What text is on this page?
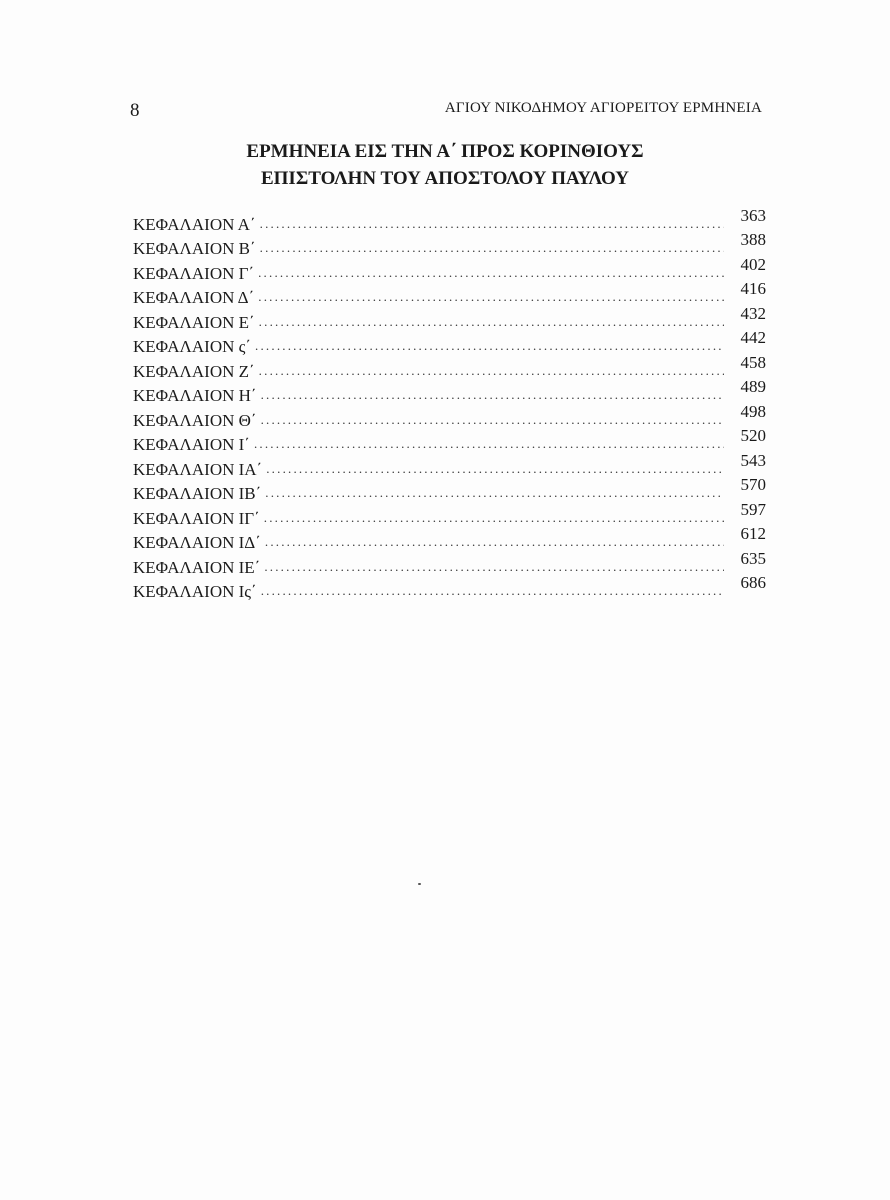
8	ΑΓΙΟΥ ΝΙΚΟΔΗΜΟΥ ΑΓΙΟΡΕΙΤΟΥ ΕΡΜΗΝΕΙΑ
ΕΡΜΗΝΕΙΑ ΕΙΣ ΤΗΝ Α΄ ΠΡΟΣ ΚΟΡΙΝΘΙΟΥΣ
ΕΠΙΣΤΟΛΗΝ ΤΟΥ ΑΠΟΣΤΟΛΟΥ ΠΑΥΛΟΥ
ΚΕΦΑΛΑΙΟΝ Α΄ .....	363
ΚΕΦΑΛΑΙΟΝ Β΄ .....	388
ΚΕΦΑΛΑΙΟΝ Γ΄ .....	402
ΚΕΦΑΛΑΙΟΝ Δ΄ .....	416
ΚΕΦΑΛΑΙΟΝ Ε΄ .....	432
ΚΕΦΑΛΑΙΟΝ ς΄ .....	442
ΚΕΦΑΛΑΙΟΝ Ζ΄ .....	458
ΚΕΦΑΛΑΙΟΝ Η΄ .....	489
ΚΕΦΑΛΑΙΟΝ Θ΄ .....	498
ΚΕΦΑΛΑΙΟΝ Ι΄ .....	520
ΚΕΦΑΛΑΙΟΝ ΙΑ΄ .....	543
ΚΕΦΑΛΑΙΟΝ ΙΒ΄ .....	570
ΚΕΦΑΛΑΙΟΝ ΙΓ΄ .....	597
ΚΕΦΑΛΑΙΟΝ ΙΔ΄ .....	612
ΚΕΦΑΛΑΙΟΝ ΙΕ΄ .....	635
ΚΕΦΑΛΑΙΟΝ Ις΄ .....	686
